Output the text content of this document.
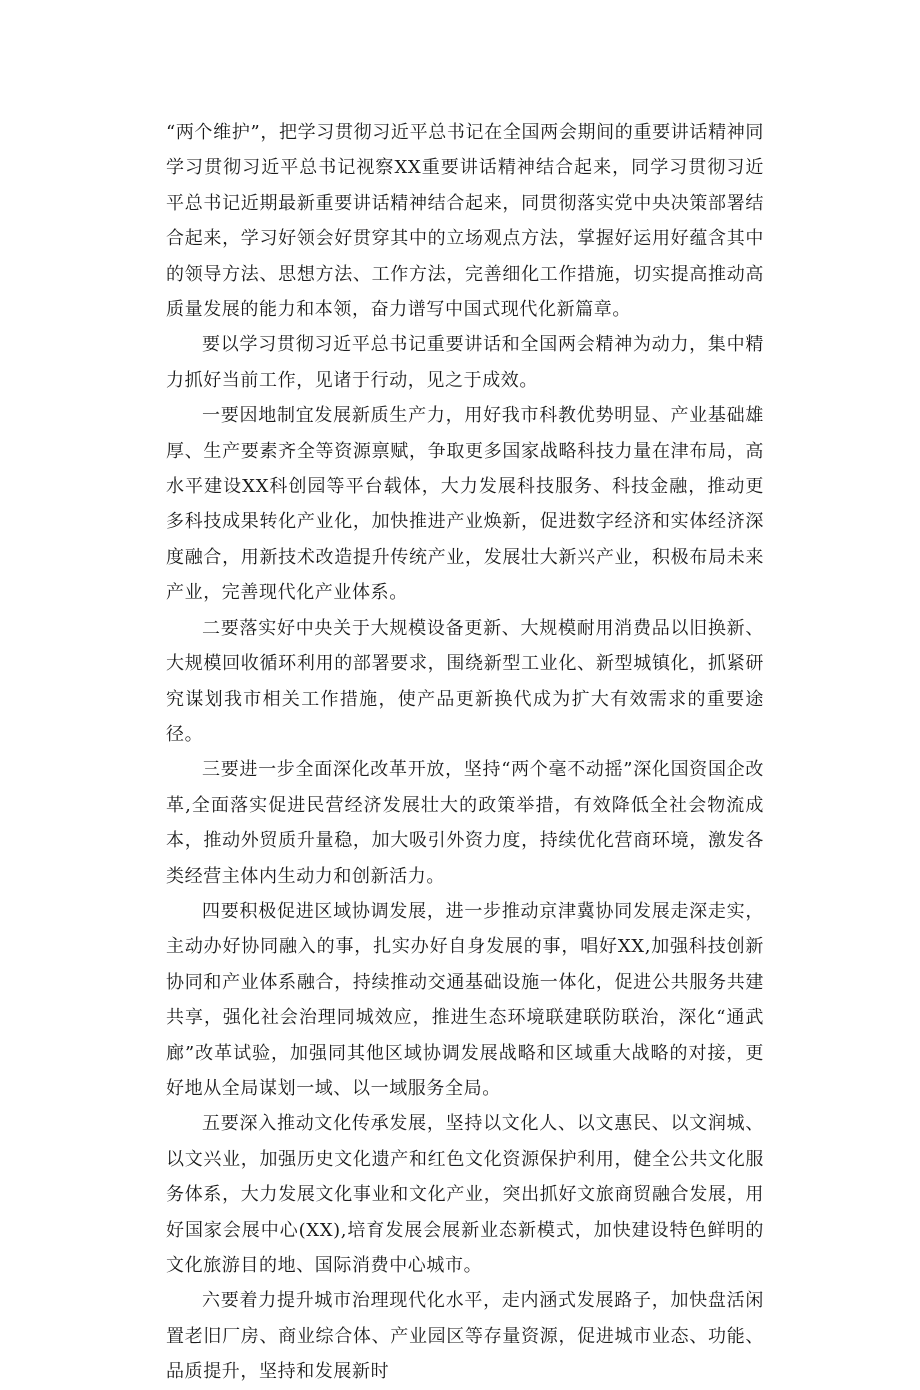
“两个维护”，把学习贯彻习近平总书记在全国两会期间的重要讲话精神同学习贯彻习近平总书记视察XX重要讲话精神结合起来，同学习贯彻习近平总书记近期最新重要讲话精神结合起来，同贯彻落实党中央决策部署结合起来，学习好领会好贯穿其中的立场观点方法，掌握好运用好蕴含其中的领导方法、思想方法、工作方法，完善细化工作措施，切实提高推动高质量发展的能力和本领，奋力谱写中国式现代化新篇章。

要以学习贯彻习近平总书记重要讲话和全国两会精神为动力，集中精力抓好当前工作，见诸于行动，见之于成效。

一要因地制宜发展新质生产力，用好我市科教优势明显、产业基础雄厚、生产要素齐全等资源禀赋，争取更多国家战略科技力量在津布局，高水平建设XX科创园等平台载体，大力发展科技服务、科技金融，推动更多科技成果转化产业化，加快推进产业焕新，促进数字经济和实体经济深度融合，用新技术改造提升传统产业，发展壮大新兴产业，积极布局未来产业，完善现代化产业体系。

二要落实好中央关于大规模设备更新、大规模耐用消费品以旧换新、大规模回收循环利用的部署要求，围绕新型工业化、新型城镇化，抓紧研究谋划我市相关工作措施，使产品更新换代成为扩大有效需求的重要途径。

三要进一步全面深化改革开放，坚持“两个毫不动摇”深化国资国企改革,全面落实促进民营经济发展壮大的政策举措，有效降低全社会物流成本，推动外贸质升量稳，加大吸引外资力度，持续优化营商环境，激发各类经营主体内生动力和创新活力。

四要积极促进区域协调发展，进一步推动京津冀协同发展走深走实，主动办好协同融入的事，扎实办好自身发展的事，唱好XX,加强科技创新协同和产业体系融合，持续推动交通基础设施一体化，促进公共服务共建共享，强化社会治理同城效应，推进生态环境联建联防联治，深化“通武廊”改革试验，加强同其他区域协调发展战略和区域重大战略的对接，更好地从全局谋划一域、以一域服务全局。

五要深入推动文化传承发展，坚持以文化人、以文惠民、以文润城、以文兴业，加强历史文化遗产和红色文化资源保护利用，健全公共文化服务体系，大力发展文化事业和文化产业，突出抓好文旅商贸融合发展，用好国家会展中心(XX),培育发展会展新业态新模式，加快建设特色鲜明的文化旅游目的地、国际消费中心城市。

六要着力提升城市治理现代化水平，走内涵式发展路子，加快盘活闲置老旧厂房、商业综合体、产业园区等存量资源，促进城市业态、功能、品质提升，坚持和发展新时
